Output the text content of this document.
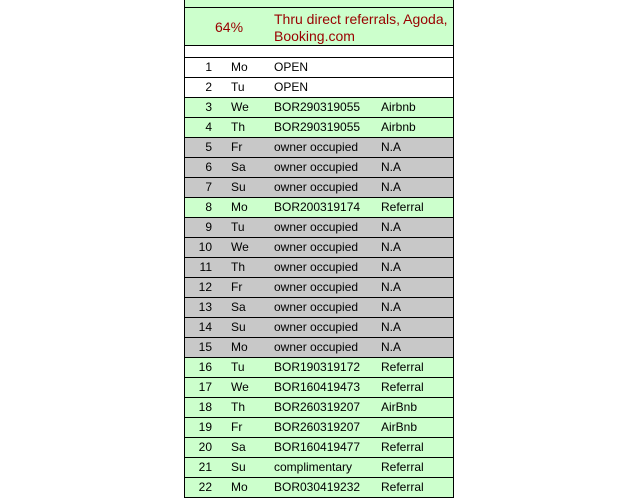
64% Thru direct referrals, Agoda, Booking.com
1 Mo OPEN
2 Tu OPEN
3 We BOR290319055 Airbnb
4 Th BOR290319055 Airbnb
5 Fr	owner occupied N.A
6 Sa owner occupied N.A
7 Su owner occupied N.A
8 Mo BOR200319174 Referral
9 Tu owner occupied N.A
10 We owner occupied N.A
11 Th owner occupied N.A
12 Fr	owner occupied N.A
13 Sa owner occupied N.A
14 Su owner occupied N.A
15 Mo owner occupied N.A
16 Tu BOR190319172 Referral
17 We BOR160419473 Referral
18 Th BOR260319207 AirBnb
19 Fr	BOR260319207 AirBnb
20 Sa BOR160419477 Referral
21 Su complimentary Referral
22 Mo BOR030419232 Referral
